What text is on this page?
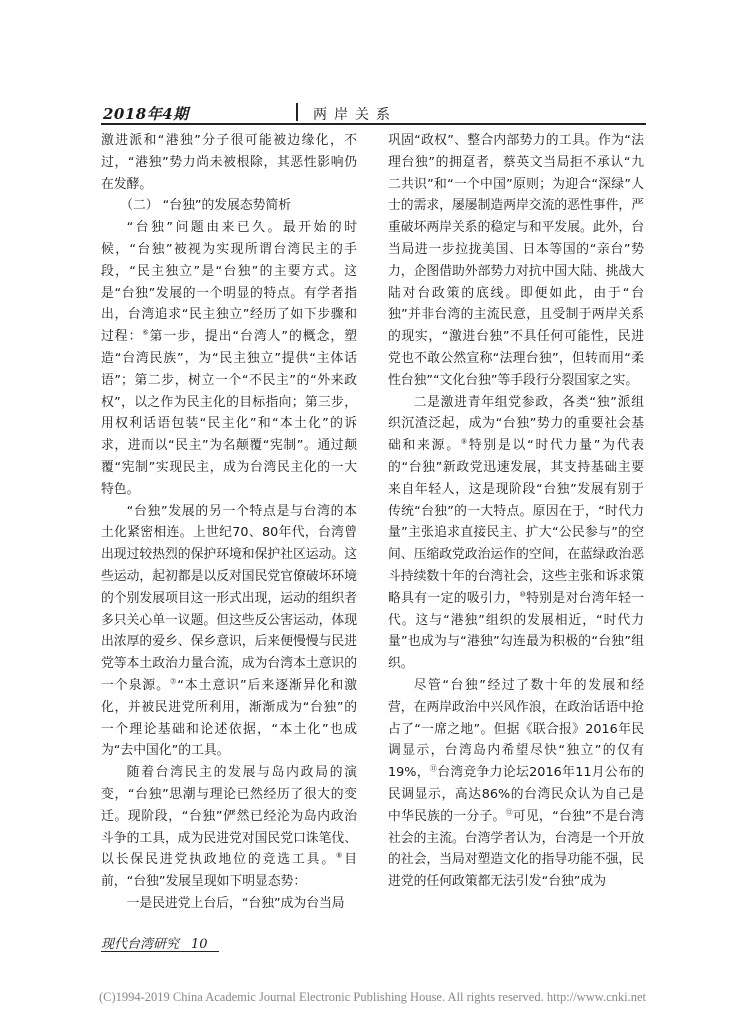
2018年4期	两岸关系

激进派和“港独”分子很可能被边缘化，不过，“港独”势力尚未被根除，其恶性影响仍在发酵。

（二） “台独”的发展态势简析

“台独”问题由来已久。最开始的时候，“台独”被视为实现所谓台湾民主的手段，“民主独立”是“台独”的主要方式。这是“台独”发展的一个明显的特点。有学者指出，台湾追求“民主独立”经历了如下步骤和过程：⑥第一步，提出“台湾人”的概念，塑造“台湾民族”，为“民主独立”提供“主体话语”；第二步，树立一个“不民主”的“外来政权”，以之作为民主化的目标指向；第三步，用权利话语包装“民主化”和“本土化”的诉求，进而以“民主”为名颠覆“宪制”。通过颠覆“宪制”实现民主，成为台湾民主化的一大特色。

“台独”发展的另一个特点是与台湾的本土化紧密相连。上世纪70、80年代，台湾曾出现过较热烈的保护环境和保护社区运动。这些运动，起初都是以反对国民党官僚破坏环境的个别发展项目这一形式出现，运动的组织者多只关心单一议题。但这些反公害运动，体现出浓厚的爱乡、保乡意识，后来便慢慢与民进党等本土政治力量合流，成为台湾本土意识的一个泉源。⑦“本土意识”后来逐渐异化和激化，并被民进党所利用，渐渐成为“台独”的一个理论基础和论述依据，“本土化”也成为“去中国化”的工具。

随着台湾民主的发展与岛内政局的演变，“台独”思潮与理论已然经历了很大的变迁。现阶段，“台独”俨然已经沦为岛内政治斗争的工具，成为民进党对国民党口诛笔伐、以长保民进党执政地位的竞选工具。⑧目前，“台独”发展呈现如下明显态势：

一是民进党上台后，“台独”成为台当局

巩固“政权”、整合内部势力的工具。作为“法理台独”的拥趸者，蔡英文当局拒不承认“九二共识”和“一个中国”原则；为迎合“深绿”人士的需求，屡屡制造两岸交流的恶性事件，严重破坏两岸关系的稳定与和平发展。此外，台当局进一步拉拢美国、日本等国的“亲台”势力，企图借助外部势力对抗中国大陆、挑战大陆对台政策的底线。即便如此，由于“台独”并非台湾的主流民意，且受制于两岸关系的现实，“激进台独”不具任何可能性，民进党也不敢公然宣称“法理台独”，但转而用“柔性台独”“文化台独”等手段行分裂国家之实。

二是激进青年组党参政，各类“独”派组织沉渣泛起，成为“台独”势力的重要社会基础和来源。⑨特别是以“时代力量”为代表的“台独”新政党迅速发展，其支持基础主要来自年轻人，这是现阶段“台独”发展有别于传统“台独”的一大特点。原因在于，“时代力量”主张追求直接民主、扩大“公民参与”的空间、压缩政党政治运作的空间，在蓝绿政治恶斗持续数十年的台湾社会，这些主张和诉求策略具有一定的吸引力，⑩特别是对台湾年轻一代。这与“港独”组织的发展相近，“时代力量”也成为与“港独”勾连最为积极的“台独”组织。

尽管“台独”经过了数十年的发展和经营，在两岸政治中兴风作浪，在政治话语中抢占了“一席之地”。但据《联合报》2016年民调显示，台湾岛内希望尽快“独立”的仅有19%，⑪台湾竞争力论坛2016年11月公布的民调显示，高达86%的台湾民众认为自己是中华民族的一分子。⑫可见，“台独”不是台湾社会的主流。台湾学者认为，台湾是一个开放的社会，当局对塑造文化的指导功能不强，民进党的任何政策都无法引发“台独”成为

现代台湾研究 10
(C)1994-2019 China Academic Journal Electronic Publishing House. All rights reserved. http://www.cnki.net
